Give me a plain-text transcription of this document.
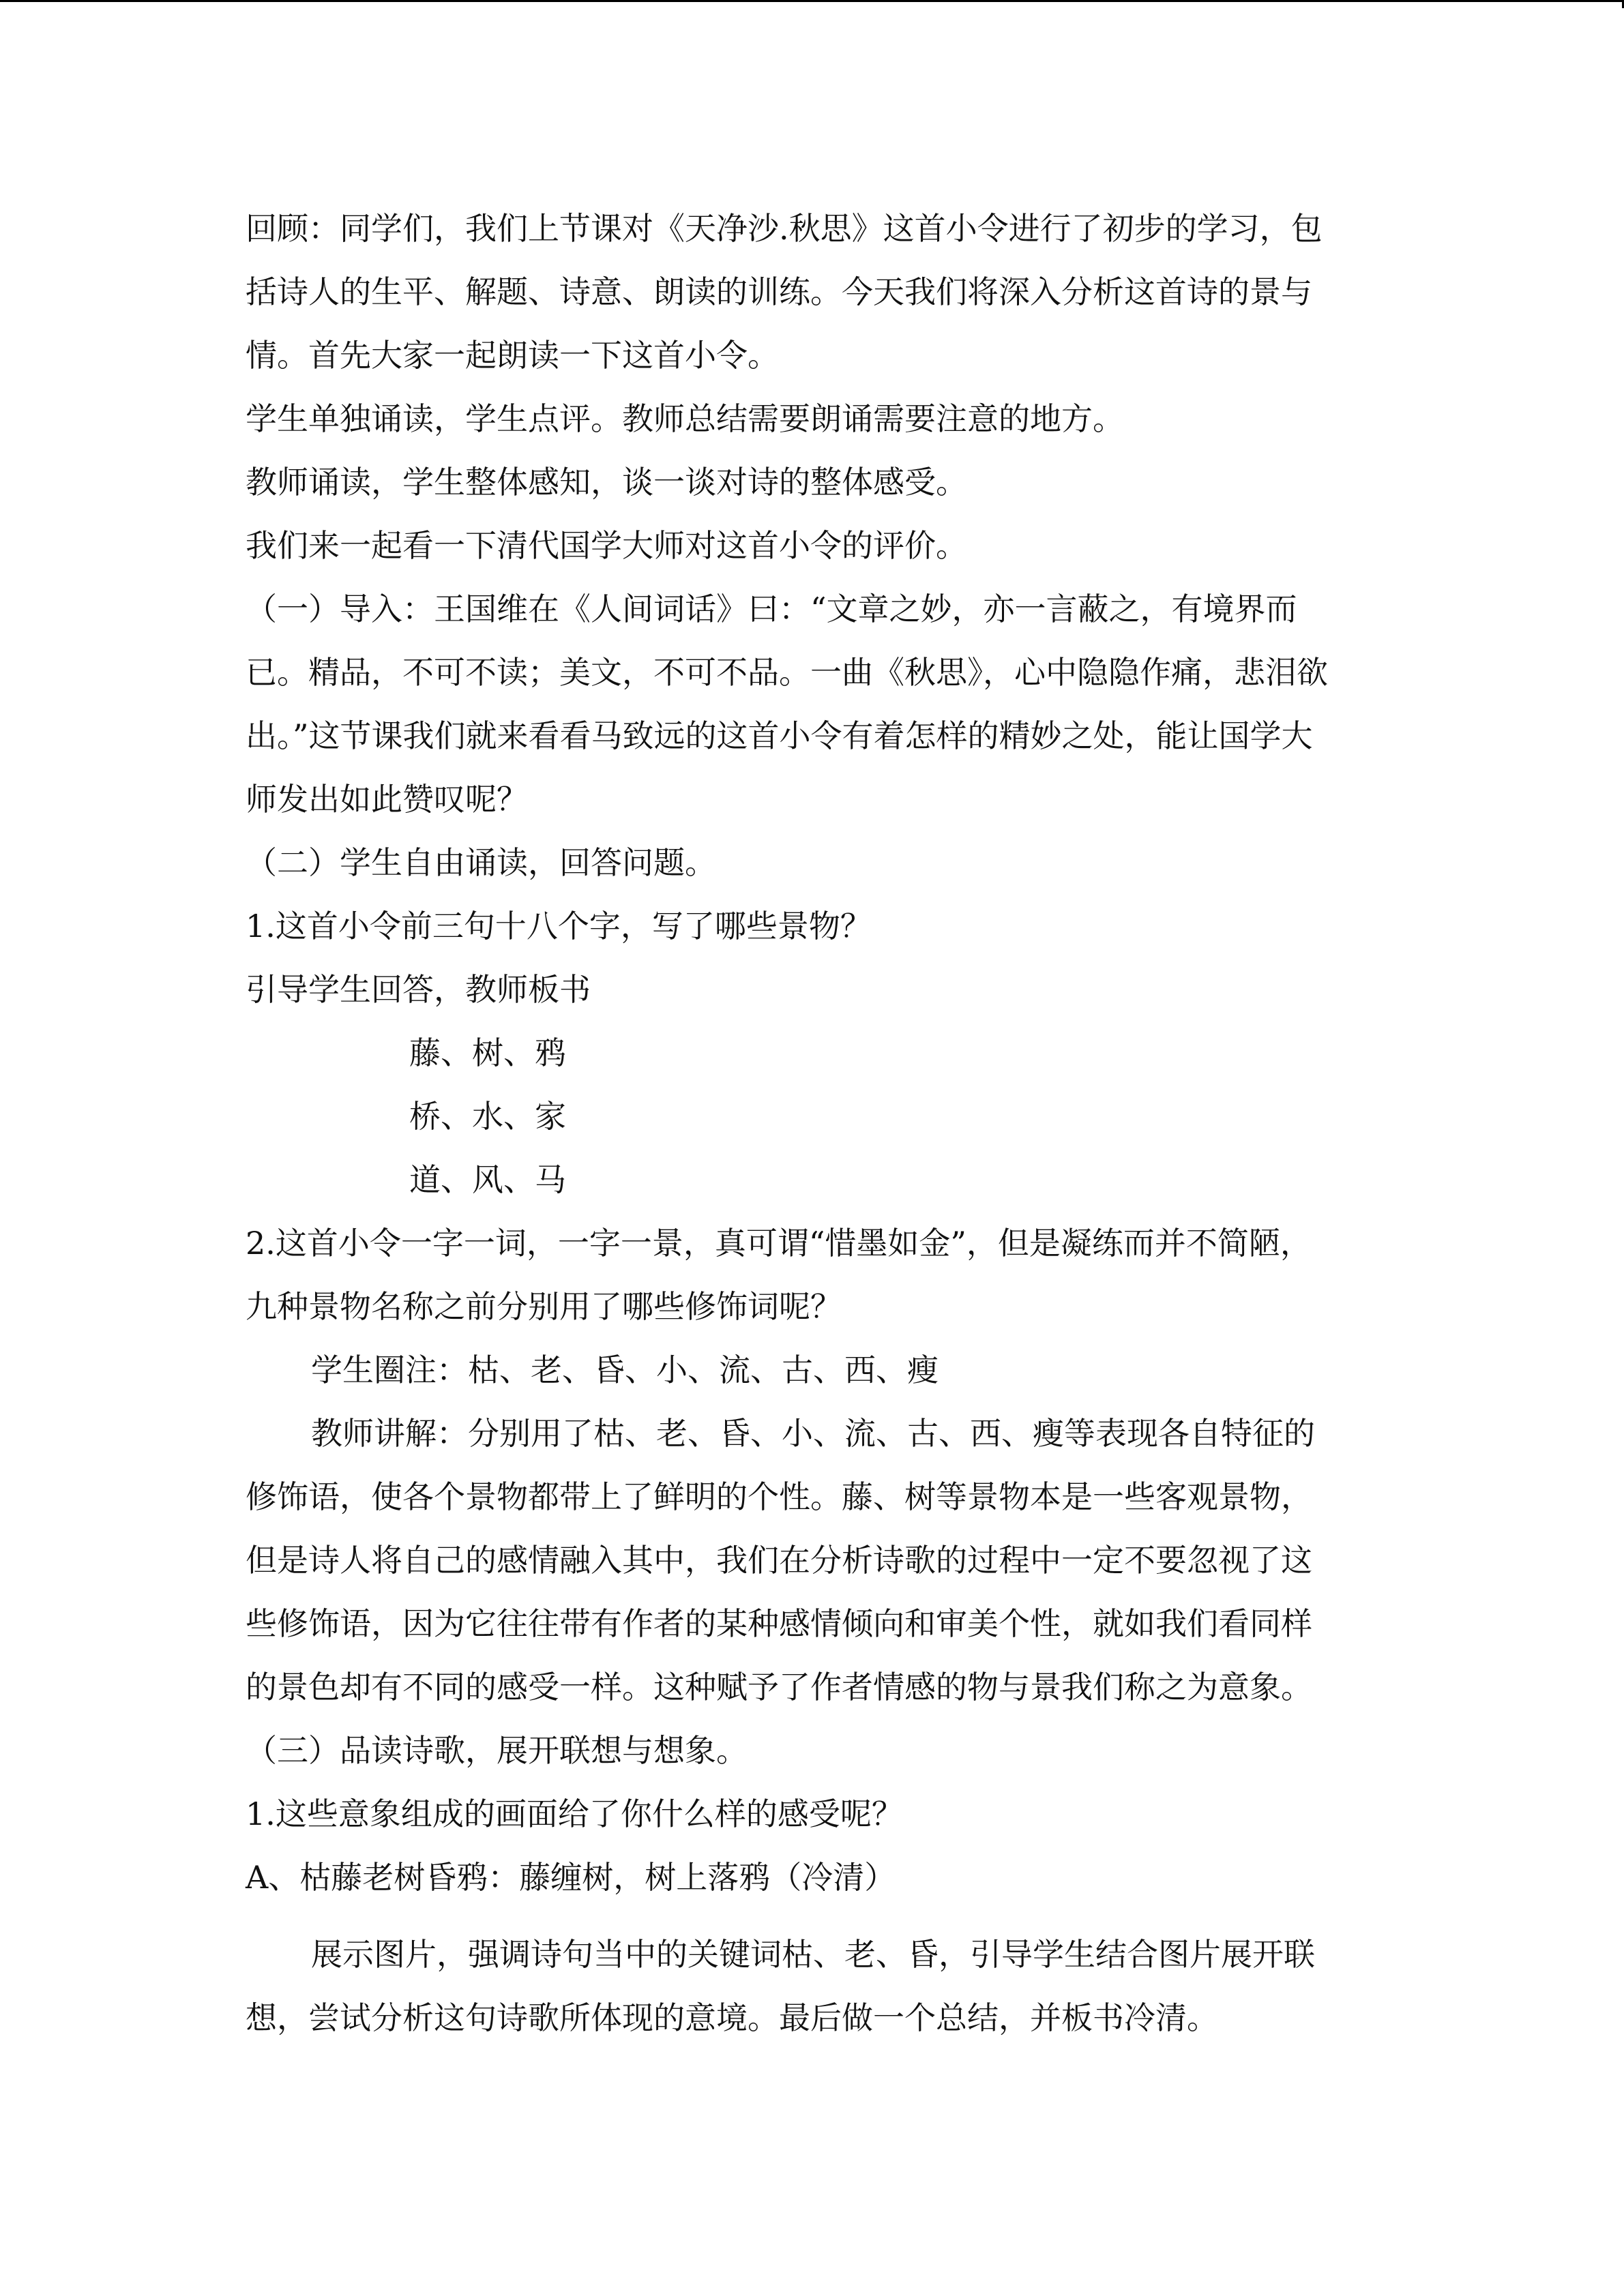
回顾：同学们，我们上节课对《天净沙.秋思》这首小令进行了初步的学习，包
括诗人的生平、解题、诗意、朗读的训练。今天我们将深入分析这首诗的景与
情。首先大家一起朗读一下这首小令。
学生单独诵读，学生点评。教师总结需要朗诵需要注意的地方。
教师诵读，学生整体感知，谈一谈对诗的整体感受。
我们来一起看一下清代国学大师对这首小令的评价。
（一）导入：王国维在《人间词话》曰：“文章之妙，亦一言蔽之，有境界而
已。精品，不可不读；美文，不可不品。一曲《秋思》，心中隐隐作痛，悲泪欲
出。”这节课我们就来看看马致远的这首小令有着怎样的精妙之处，能让国学大
师发出如此赞叹呢？
（二）学生自由诵读，回答问题。
1.这首小令前三句十八个字，写了哪些景物？
引导学生回答，教师板书
藤、树、鸦
桥、水、家
道、风、马
2.这首小令一字一词，一字一景，真可谓“惜墨如金”，但是凝练而并不简陋，
九种景物名称之前分别用了哪些修饰词呢？
学生圈注：枯、老、昏、小、流、古、西、瘦
教师讲解：分别用了枯、老、昏、小、流、古、西、瘦等表现各自特征的
修饰语，使各个景物都带上了鲜明的个性。藤、树等景物本是一些客观景物，
但是诗人将自己的感情融入其中，我们在分析诗歌的过程中一定不要忽视了这
些修饰语，因为它往往带有作者的某种感情倾向和审美个性，就如我们看同样
的景色却有不同的感受一样。这种赋予了作者情感的物与景我们称之为意象。
（三）品读诗歌，展开联想与想象。
1.这些意象组成的画面给了你什么样的感受呢？
A、枯藤老树昏鸦：藤缠树，树上落鸦（冷清）
展示图片，强调诗句当中的关键词枯、老、昏，引导学生结合图片展开联
想，尝试分析这句诗歌所体现的意境。最后做一个总结，并板书冷清。
